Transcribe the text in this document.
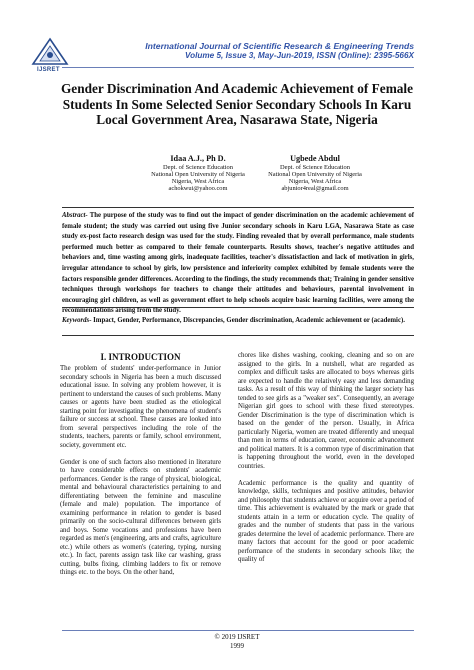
IJSRET
International Journal of Scientific Research & Engineering Trends
Volume 5, Issue 3, May-Jun-2019, ISSN (Online): 2395-566X
Gender Discrimination And Academic Achievement of Female Students In Some Selected Senior Secondary Schools In Karu Local Government Area, Nasarawa State, Nigeria
Idaa A.J., Ph D.
Dept. of Science Education
National Open University of Nigeria
Nigeria, West Africa
achokwui@yahoo.com
Ugbede Abdul
Dept. of Science Education
National Open University of Nigeria
Nigeria, West Africa
abjunior4real@gmail.com

Abstract- The purpose of the study was to find out the impact of gender discrimination on the academic achievement of female student; the study was carried out using five Junior secondary schools in Karu LGA, Nasarawa State as case study ex-post facto research design was used for the study. Finding revealed that by overall performance, male students performed much better as compared to their female counterparts. Results shows, teacher's negative attitudes and behaviors and, time wasting among girls, inadequate facilities, teacher's dissatisfaction and lack of motivation in girls, irregular attendance to school by girls, low persistence and inferiority complex exhibited by female students were the factors responsible gender differences. According to the findings, the study recommends that; Training in gender sensitive techniques through workshops for teachers to change their attitudes and behaviours, parental involvement in encouraging girl children, as well as government effort to help schools acquire basic learning facilities, were among the recommendations arising from the study.

Keywords- Impact, Gender, Performance, Discrepancies, Gender discrimination, Academic achievement or (academic).

I. INTRODUCTION

The problem of students' under-performance in Junior secondary schools in Nigeria has been a much discussed educational issue. In solving any problem however, it is pertinent to understand the causes of such problems. Many causes or agents have been studied as the etiological starting point for investigating the phenomena of student's failure or success at school. These causes are looked into from several perspectives including the role of the students, teachers, parents or family, school environment, society, government etc.

Gender is one of such factors also mentioned in literature to have considerable effects on students' academic performances. Gender is the range of physical, biological, mental and behavioural characteristics pertaining to and differentiating between the feminine and masculine (female and male) population. The importance of examining performance in relation to gender is based primarily on the socio-cultural differences between girls and boys. Some vocations and professions have been regarded as men's (engineering, arts and crafts, agriculture etc.) while others as women's (catering, typing, nursing etc.). In fact, parents assign task like car washing, grass cutting, bulbs fixing, climbing ladders to fix or remove things etc. to the boys. On the other hand,

chores like dishes washing, cooking, cleaning and so on are assigned to the girls. In a nutshell, what are regarded as complex and difficult tasks are allocated to boys whereas girls are expected to handle the relatively easy and less demanding tasks. As a result of this way of thinking the larger society has tended to see girls as a "weaker sex". Consequently, an average Nigerian girl goes to school with these fixed stereotypes. Gender Discrimination is the type of discrimination which is based on the gender of the person. Usually, in Africa particularly Nigeria, women are treated differently and unequal than men in terms of education, career, economic advancement and political matters. It is a common type of discrimination that is happening throughout the world, even in the developed countries.

Academic performance is the quality and quantity of knowledge, skills, techniques and positive attitudes, behavior and philosophy that students achieve or acquire over a period of time. This achievement is evaluated by the mark or grade that students attain in a term or education cycle. The quality of grades and the number of students that pass in the various grades determine the level of academic performance. There are many factors that account for the good or poor academic performance of the students in secondary schools like; the quality of

© 2019 IJSRET
1999
